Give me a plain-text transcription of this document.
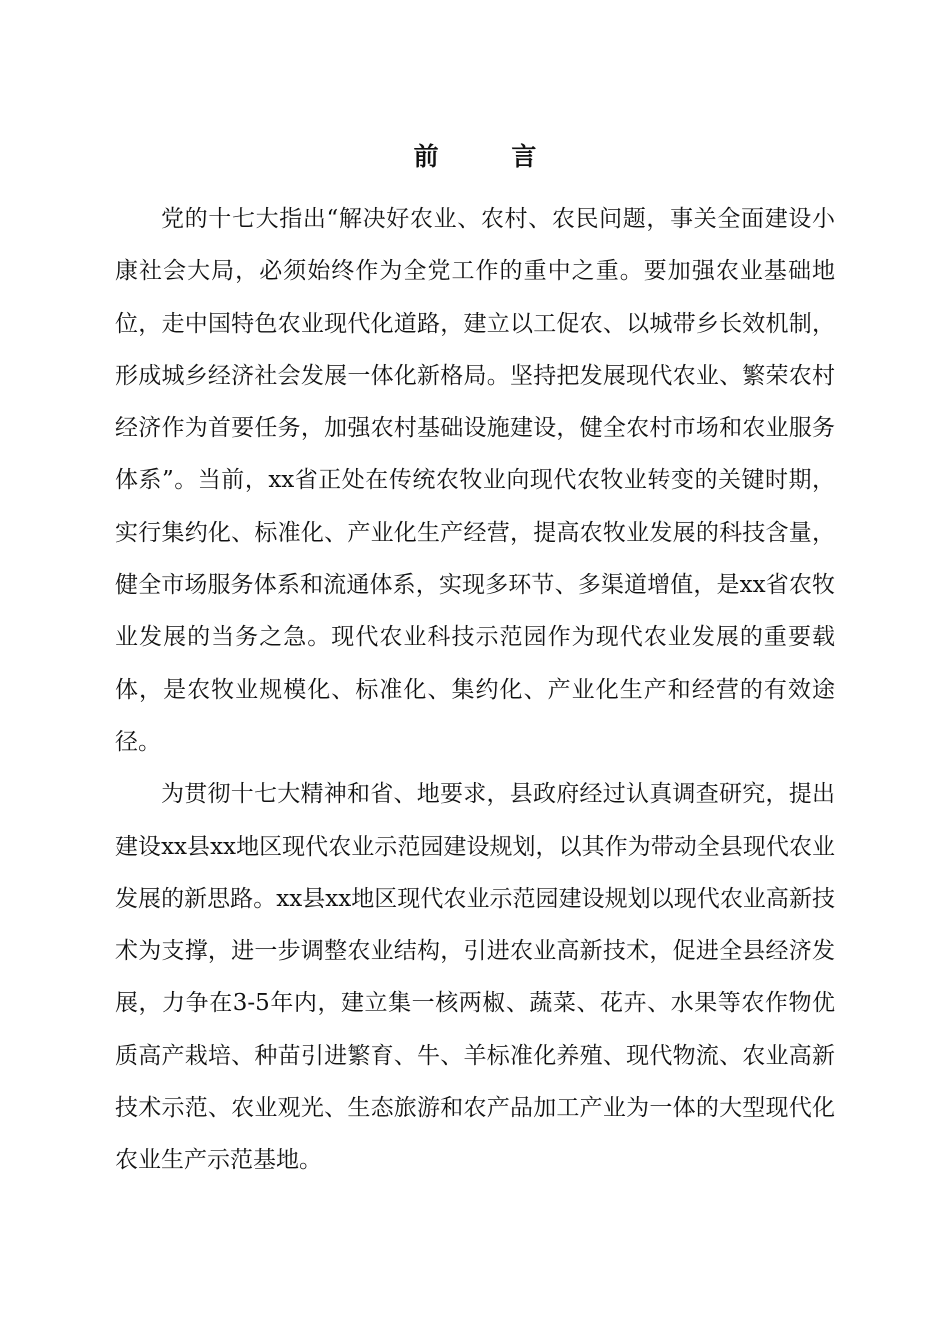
前 言

党的十七大指出“解决好农业、农村、农民问题，事关全面建设小康社会大局，必须始终作为全党工作的重中之重。要加强农业基础地位，走中国特色农业现代化道路，建立以工促农、以城带乡长效机制，形成城乡经济社会发展一体化新格局。坚持把发展现代农业、繁荣农村经济作为首要任务，加强农村基础设施建设，健全农村市场和农业服务体系”。当前，xx省正处在传统农牧业向现代农牧业转变的关键时期，实行集约化、标准化、产业化生产经营，提高农牧业发展的科技含量，健全市场服务体系和流通体系，实现多环节、多渠道增值，是xx省农牧业发展的当务之急。现代农业科技示范园作为现代农业发展的重要载体，是农牧业规模化、标准化、集约化、产业化生产和经营的有效途径。

为贯彻十七大精神和省、地要求，县政府经过认真调查研究，提出建设xx县xx地区现代农业示范园建设规划，以其作为带动全县现代农业发展的新思路。xx县xx地区现代农业示范园建设规划以现代农业高新技术为支撑，进一步调整农业结构，引进农业高新技术，促进全县经济发展，力争在3-5年内，建立集一核两椒、蔬菜、花卉、水果等农作物优质高产栽培、种苗引进繁育、牛、羊标准化养殖、现代物流、农业高新技术示范、农业观光、生态旅游和农产品加工产业为一体的大型现代化农业生产示范基地。
